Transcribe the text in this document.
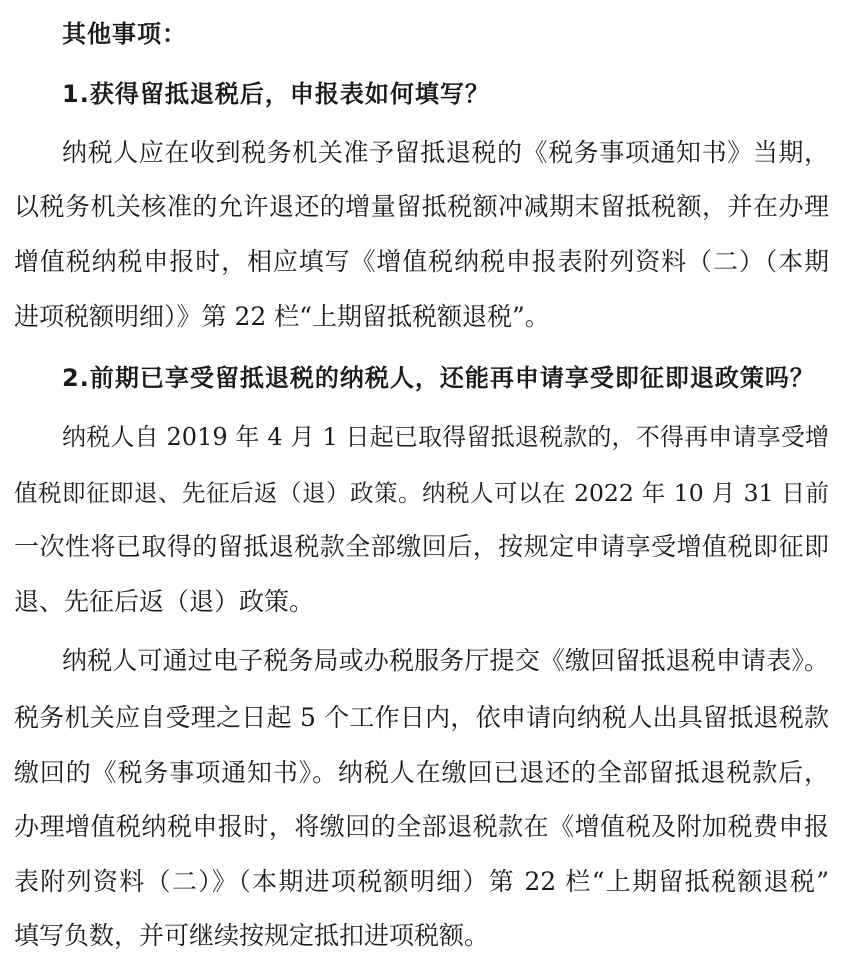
其他事项：
1.获得留抵退税后，申报表如何填写？
纳税人应在收到税务机关准予留抵退税的《税务事项通知书》当期，
以税务机关核准的允许退还的增量留抵税额冲减期末留抵税额，并在办理
增值税纳税申报时，相应填写《增值税纳税申报表附列资料（二）（本期
进项税额明细）》第 22 栏“上期留抵税额退税”。
2.前期已享受留抵退税的纳税人，还能再申请享受即征即退政策吗？
纳税人自 2019 年 4 月 1 日起已取得留抵退税款的，不得再申请享受增
值税即征即退、先征后返（退）政策。纳税人可以在 2022 年 10 月 31 日前
一次性将已取得的留抵退税款全部缴回后，按规定申请享受增值税即征即
退、先征后返（退）政策。
纳税人可通过电子税务局或办税服务厅提交《缴回留抵退税申请表》。
税务机关应自受理之日起 5 个工作日内，依申请向纳税人出具留抵退税款
缴回的《税务事项通知书》。纳税人在缴回已退还的全部留抵退税款后，
办理增值税纳税申报时，将缴回的全部退税款在《增值税及附加税费申报
表附列资料（二）》（本期进项税额明细）第 22 栏“上期留抵税额退税”
填写负数，并可继续按规定抵扣进项税额。
